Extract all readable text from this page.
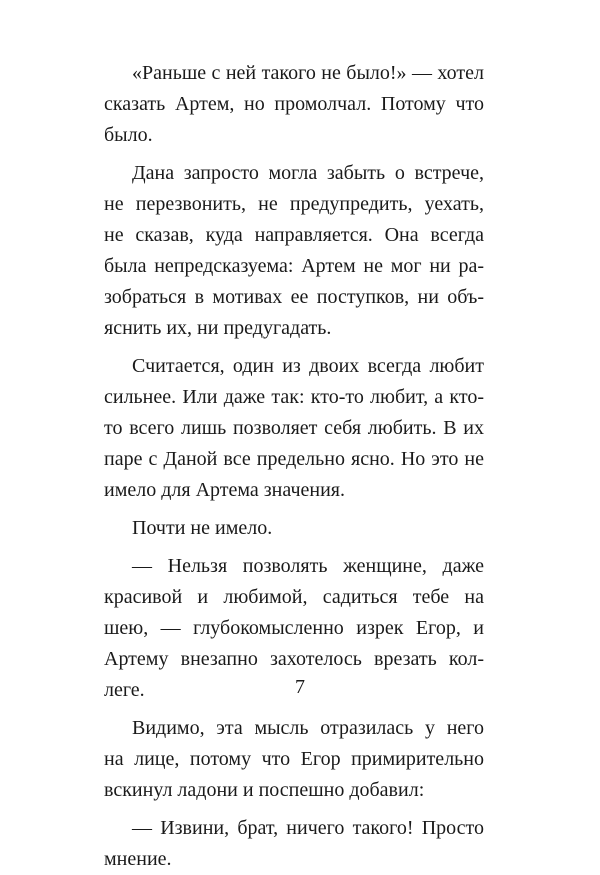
«Раньше с ней такого не было!» — хотел
сказать Артем, но промолчал. Потому что
было.
Дана запросто могла забыть о встрече,
не перезвонить, не предупредить, уехать,
не сказав, куда направляется. Она всегда
была непредсказуема: Артем не мог ни ра-
зобраться в мотивах ее поступков, ни объ-
яснить их, ни предугадать.
Считается, один из двоих всегда любит
сильнее. Или даже так: кто-то любит, а кто-
то всего лишь позволяет себя любить. В их
паре с Даной все предельно ясно. Но это не
имело для Артема значения.
Почти не имело.
— Нельзя позволять женщине, даже
красивой и любимой, садиться тебе на
шею, — глубокомысленно изрек Егор, и
Артему внезапно захотелось врезать кол-
леге.
Видимо, эта мысль отразилась у него
на лице, потому что Егор примирительно
вскинул ладони и поспешно добавил:
— Извини, брат, ничего такого! Просто
мнение.
7
